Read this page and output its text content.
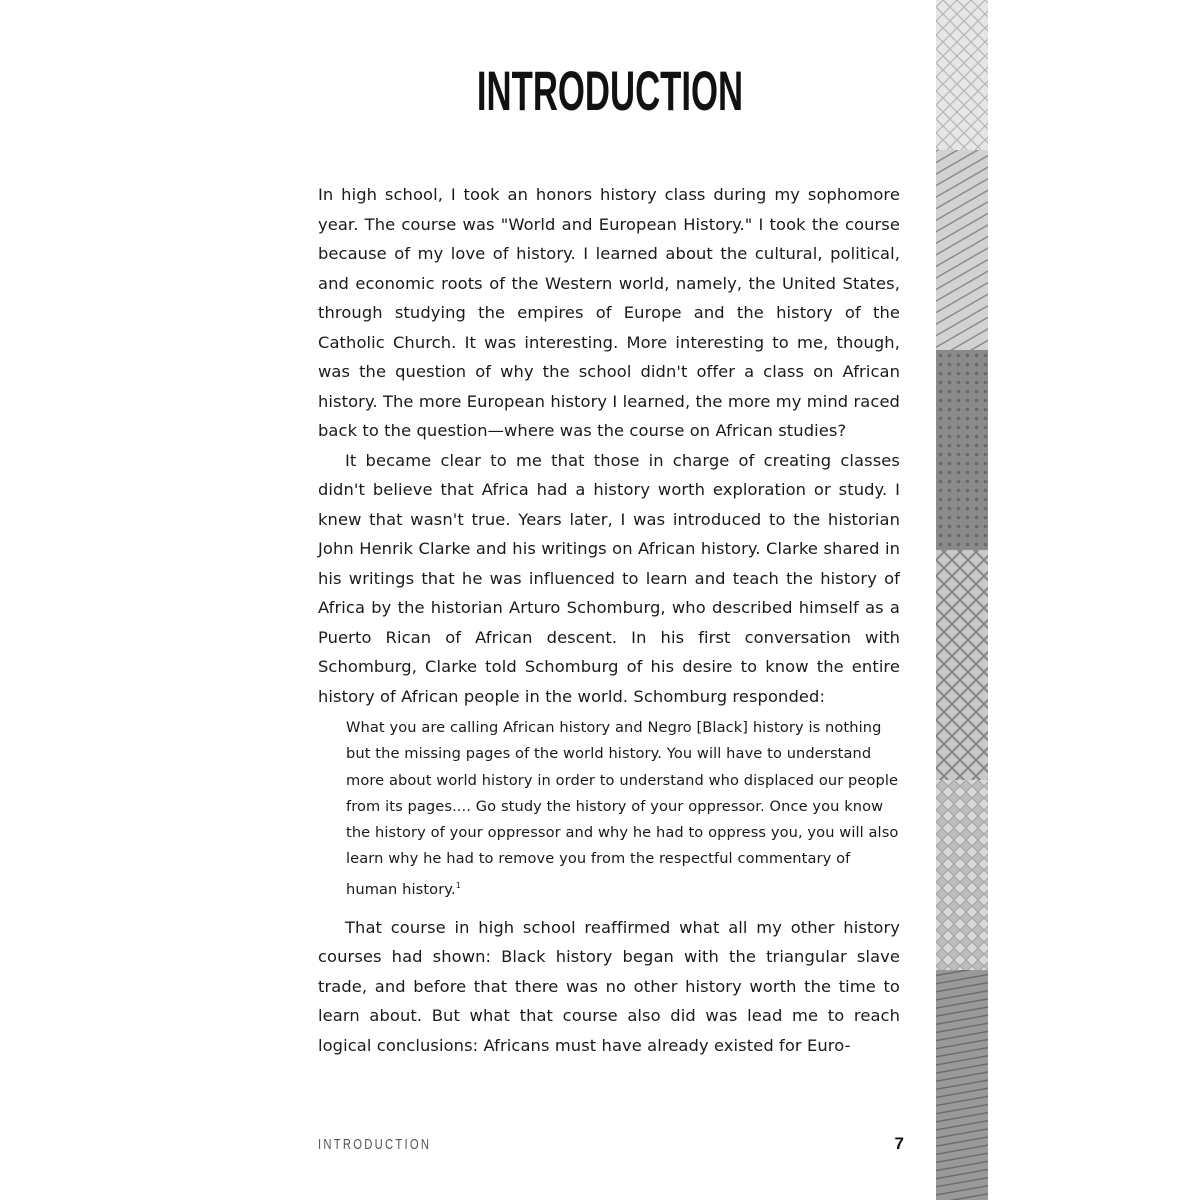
INTRODUCTION

In high school, I took an honors history class during my sophomore year. The course was "World and European History." I took the course because of my love of history. I learned about the cultural, political, and economic roots of the Western world, namely, the United States, through studying the empires of Europe and the history of the Catholic Church. It was interesting. More interesting to me, though, was the question of why the school didn't offer a class on African history. The more European history I learned, the more my mind raced back to the question—where was the course on African studies?

It became clear to me that those in charge of creating classes didn't believe that Africa had a history worth exploration or study. I knew that wasn't true. Years later, I was introduced to the historian John Henrik Clarke and his writings on African history. Clarke shared in his writings that he was influenced to learn and teach the history of Africa by the historian Arturo Schomburg, who described himself as a Puerto Rican of African descent. In his first conversation with Schomburg, Clarke told Schomburg of his desire to know the entire history of African people in the world. Schomburg responded:

What you are calling African history and Negro [Black] history is nothing but the missing pages of the world history. You will have to understand more about world history in order to understand who displaced our people from its pages.... Go study the history of your oppressor. Once you know the history of your oppressor and why he had to oppress you, you will also learn why he had to remove you from the respectful commentary of human history.$^1$

That course in high school reaffirmed what all my other history courses had shown: Black history began with the triangular slave trade, and before that there was no other history worth the time to learn about. But what that course also did was lead me to reach logical conclusions: Africans must have already existed for Euro-

INTRODUCTION	7
